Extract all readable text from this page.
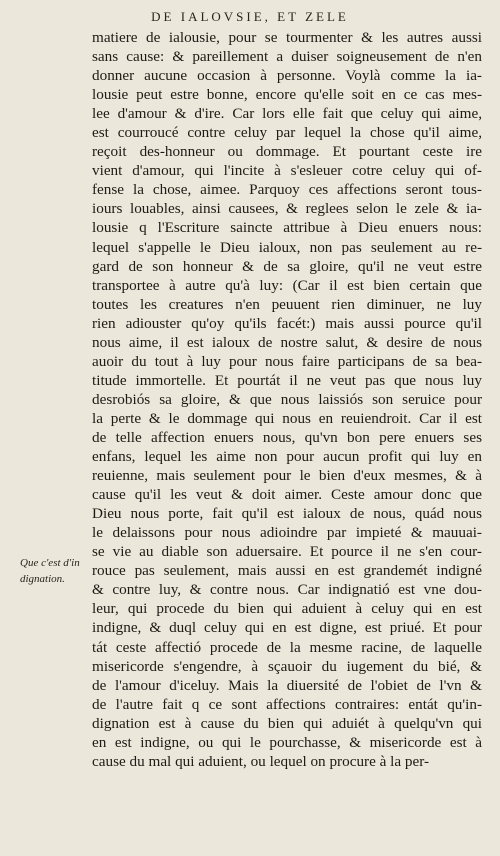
DE IALOVSIE, ET ZELE
matiere de ialousie, pour se tourmenter & les autres aussi
sans cause: & pareillement a duiser soigneusement de n'en
donner aucune occasion à personne. Voylà comme la ia-
lousie peut estre bonne, encore qu'elle soit en ce cas mes-
lee d'amour & d'ire. Car lors elle fait que celuy qui aime,
est courroucé contre celuy par lequel la chose qu'il aime,
reçoit des-honneur ou dommage. Et pourtant ceste ire
vient d'amour, qui l'incite à s'esleuer cotre celuy qui of-
fense la chose, aimee. Parquoy ces affections seront tous-
iours louables, ainsi causees, & reglees selon le zele & ia-
lousie q l'Escriture saincte attribue à Dieu enuers nous:
lequel s'appelle le Dieu ialoux, non pas seulement au re-
gard de son honneur & de sa gloire, qu'il ne veut estre
transportee à autre qu'à luy: (Car il est bien certain que
toutes les creatures n'en peuuent rien diminuer, ne luy
rien adiouster qu'oy qu'ils facét:) mais aussi pource qu'il
nous aime, il est ialoux de nostre salut, & desire de nous
auoir du tout à luy pour nous faire participans de sa bea-
titude immortelle. Et pourtát il ne veut pas que nous luy
desrobiós sa gloire, & que nous laissiós son seruice pour
la perte & le dommage qui nous en reuiendroit. Car il est
de telle affection enuers nous, qu'vn bon pere enuers ses
enfans, lequel les aime non pour aucun profit qui luy en
reuienne, mais seulement pour le bien d'eux mesmes, & à
cause qu'il les veut & doit aimer. Ceste amour donc que
Dieu nous porte, fait qu'il est ialoux de nous, quád nous
le delaissons pour nous adioindre par impieté & mauuai-
se vie au diable son aduersaire. Et pource il ne s'en cour-
rouce pas seulement, mais aussi en est grandemét indigné
& contre luy, & contre nous. Car indignatió est vne dou-
leur, qui procede du bien qui aduient à celuy qui en est
indigne, & duql celuy qui en est digne, est priué. Et pour
tát ceste affectió procede de la mesme racine, de laquelle
misericorde s'engendre, à sçauoir du iugement du bié, &
de l'amour d'iceluy. Mais la diuersité de l'obiet de l'vn &
de l'autre fait q ce sont affections contraires: entát qu'in-
dignation est à cause du bien qui aduiét à quelqu'vn qui
en est indigne, ou qui le pourchasse, & misericorde est à
cause du mal qui aduient, ou lequel on procure à la per-
Que c'est d'in
dignation.
